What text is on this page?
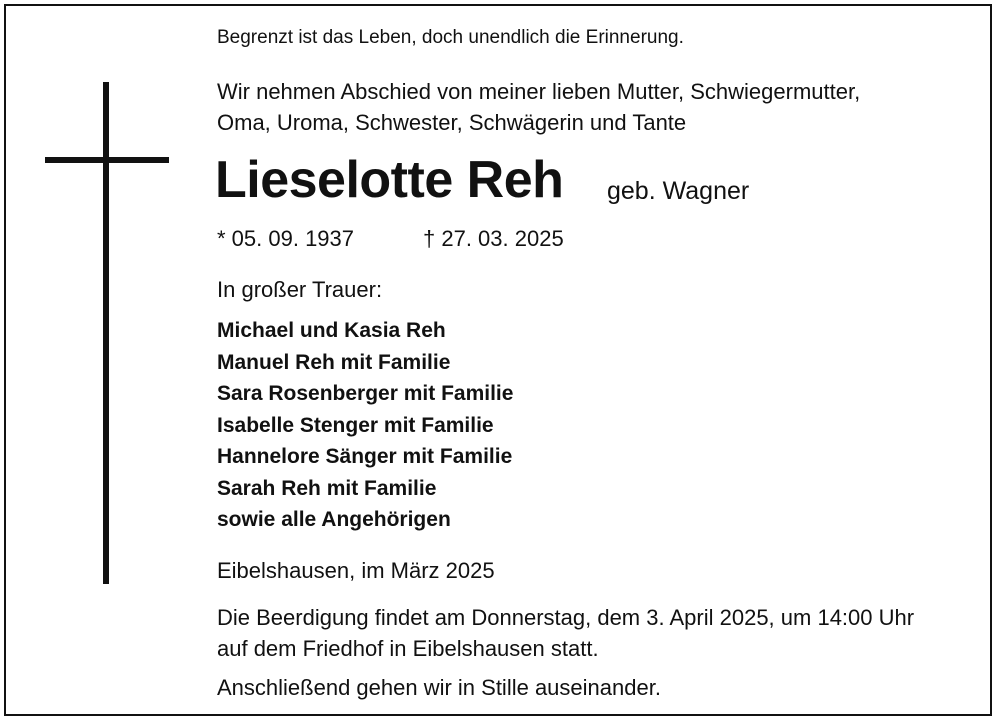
Begrenzt ist das Leben, doch unendlich die Erinnerung.
Wir nehmen Abschied von meiner lieben Mutter, Schwiegermutter,
Oma, Uroma, Schwester, Schwägerin und Tante
Lieselotte Reh geb. Wagner
* 05. 09. 1937	† 27. 03. 2025
In großer Trauer:
Michael und Kasia Reh
Manuel Reh mit Familie
Sara Rosenberger mit Familie
Isabelle Stenger mit Familie
Hannelore Sänger mit Familie
Sarah Reh mit Familie
sowie alle Angehörigen
Eibelshausen, im März 2025
Die Beerdigung findet am Donnerstag, dem 3. April 2025, um 14:00 Uhr
auf dem Friedhof in Eibelshausen statt.
Anschließend gehen wir in Stille auseinander.
